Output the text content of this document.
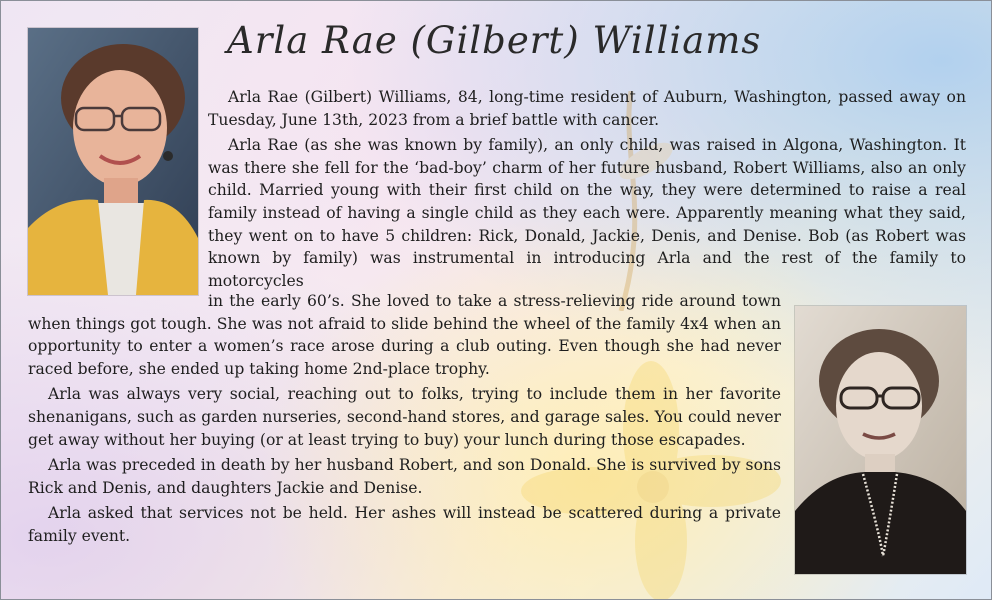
Arla Rae (Gilbert) Williams

Arla Rae (Gilbert) Williams, 84, long-time resident of Auburn, Washington, passed away on Tuesday, June 13th, 2023 from a brief battle with cancer.

Arla Rae (as she was known by family), an only child, was raised in Algona, Washington. It was there she fell for the ‘bad-boy’ charm of her future husband, Robert Williams, also an only child. Married young with their first child on the way, they were determined to raise a real family instead of having a single child as they each were. Apparently meaning what they said, they went on to have 5 children: Rick, Donald, Jackie, Denis, and Denise. Bob (as Robert was known by family) was instrumental in introducing Arla and the rest of the family to motorcycles

in the early 60’s. She loved to take a stress-relieving ride around town when things got tough. She was not afraid to slide behind the wheel of the family 4x4 when an opportunity to enter a women’s race arose during a club outing. Even though she had never raced before, she ended up taking home 2nd-place trophy.

Arla was always very social, reaching out to folks, trying to include them in her favorite shenanigans, such as garden nurseries, second-hand stores, and garage sales. You could never get away without her buying (or at least trying to buy) your lunch during those escapades.

Arla was preceded in death by her husband Robert, and son Donald. She is survived by sons Rick and Denis, and daughters Jackie and Denise.

Arla asked that services not be held. Her ashes will instead be scattered during a private family event.
